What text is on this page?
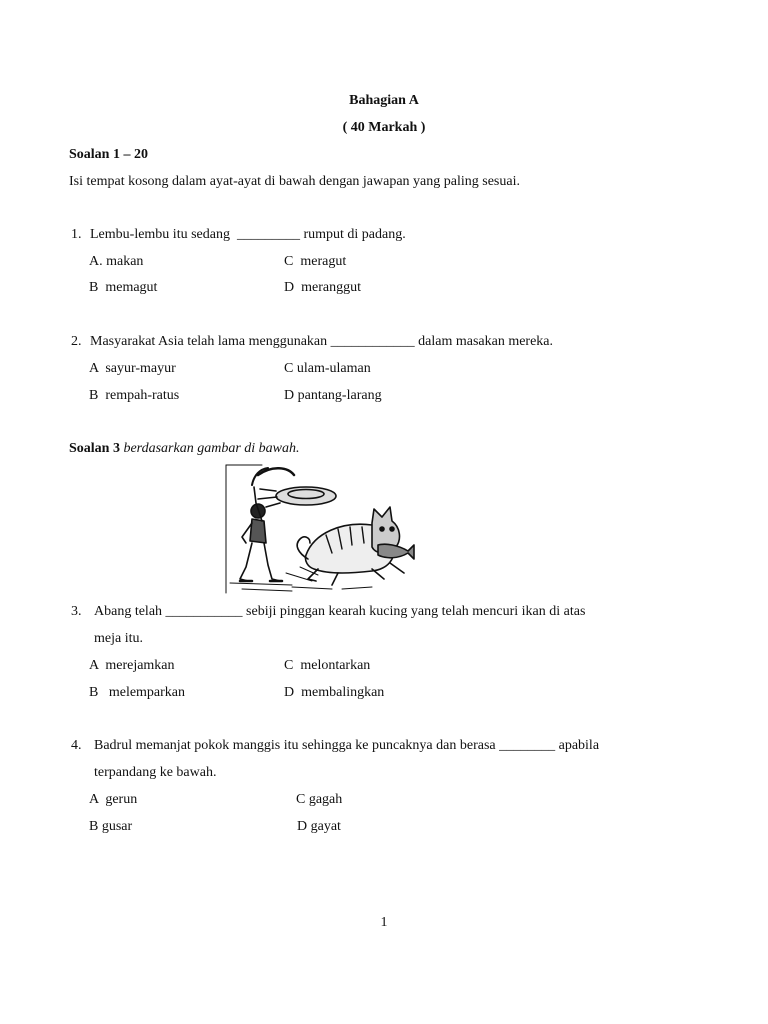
Bahagian A
( 40 Markah )
Soalan 1 – 20
Isi tempat kosong dalam ayat-ayat di bawah dengan jawapan yang paling sesuai.
1. Lembu-lembu itu sedang  _________ rumput di padang.
A. makan	C  meragut
B  memagut	D  meranggut
2. Masyarakat Asia telah lama menggunakan ____________ dalam masakan mereka.
A  sayur-mayur	C ulam-ulaman
B  rempah-ratus	D pantang-larang
Soalan 3 berdasarkan gambar di bawah.
3. Abang telah ___________ sebiji pinggan kearah kucing yang telah mencuri ikan di atas
meja itu.
A  merejamkan	C  melontarkan
B   melemparkan	D  membalingkan
4. Badrul memanjat pokok manggis itu sehingga ke puncaknya dan berasa ________ apabila
terpandang ke bawah.
A  gerun	C gagah
B gusar	D gayat
1
